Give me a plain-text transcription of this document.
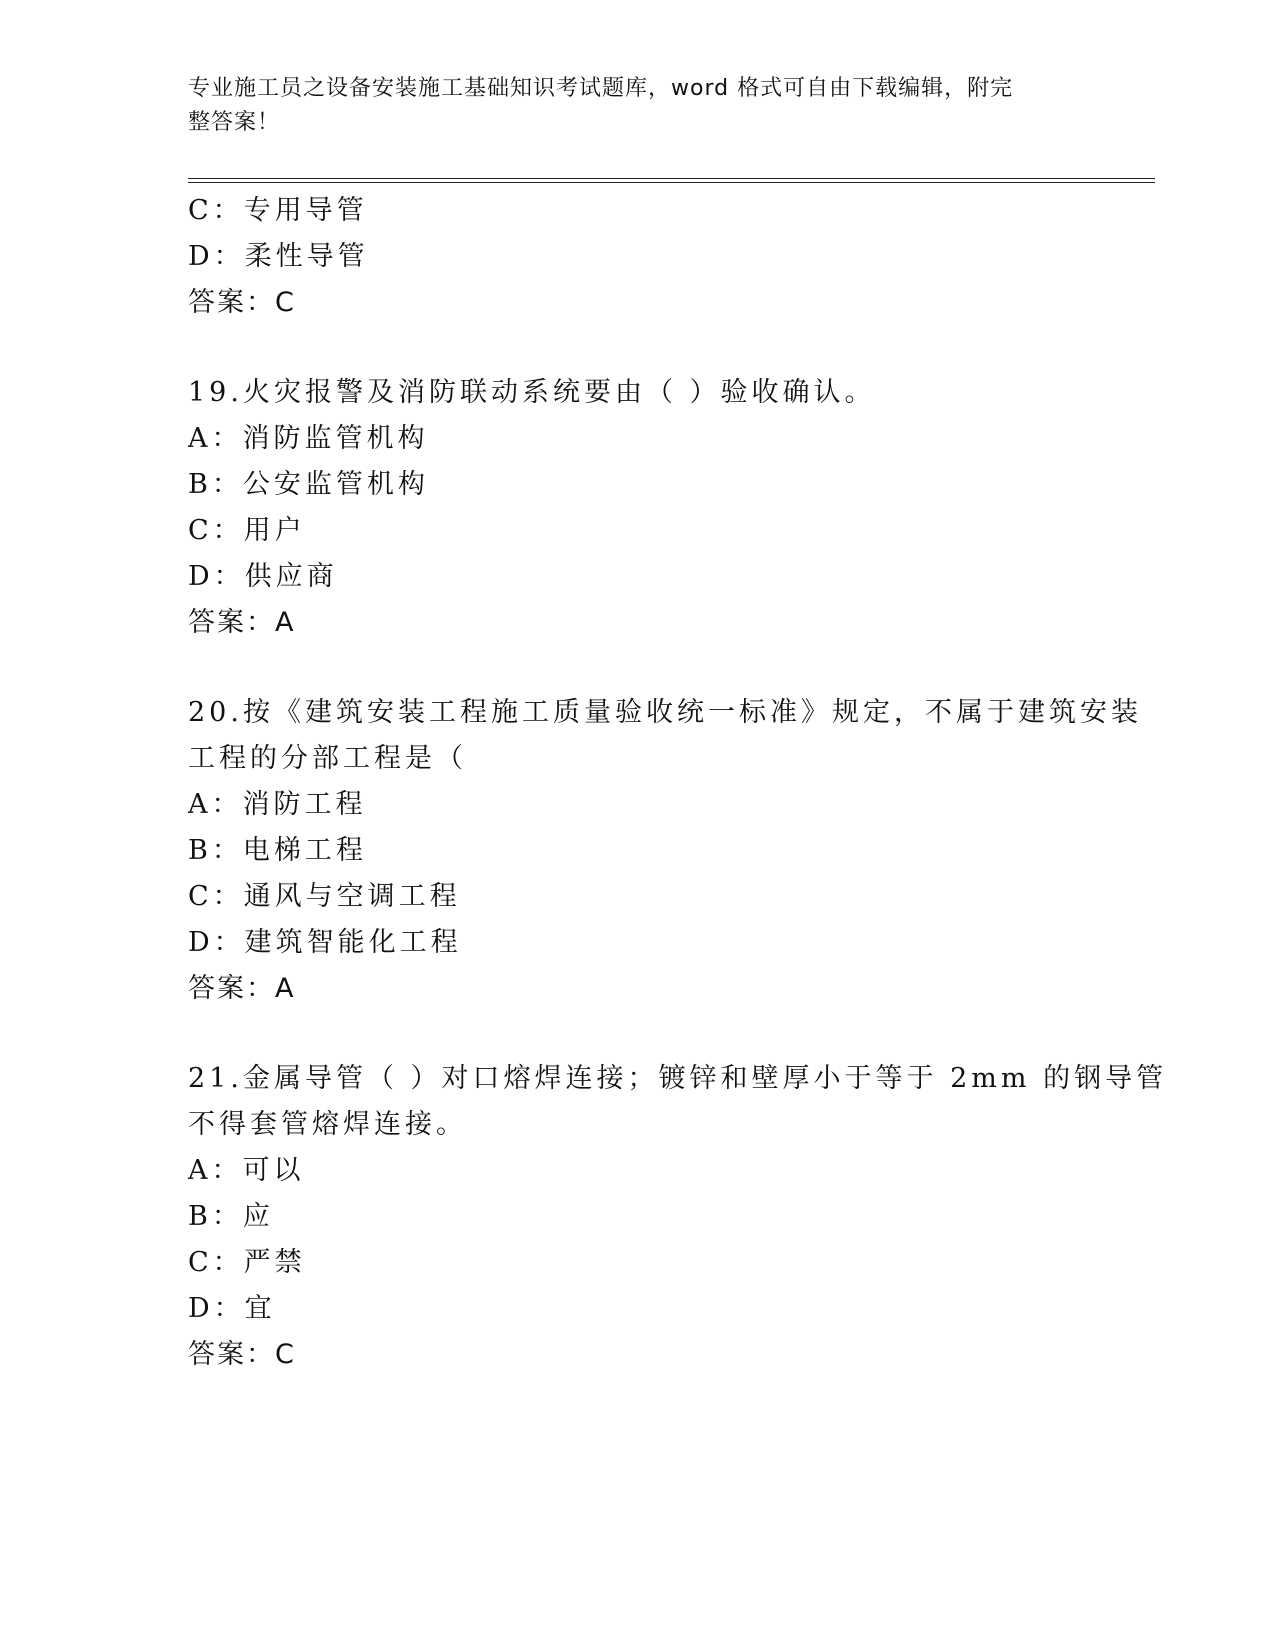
专业施工员之设备安装施工基础知识考试题库，word 格式可自由下载编辑，附完
整答案！
C：专用导管
D：柔性导管
答案：C
19.火灾报警及消防联动系统要由（ ）验收确认。
A：消防监管机构
B：公安监管机构
C：用户
D：供应商
答案：A
20.按《建筑安装工程施工质量验收统一标准》规定，不属于建筑安装
工程的分部工程是（
A：消防工程
B：电梯工程
C：通风与空调工程
D：建筑智能化工程
答案：A
21.金属导管（ ）对口熔焊连接；镀锌和壁厚小于等于 2mm 的钢导管
不得套管熔焊连接。
A：可以
B：应
C：严禁
D：宜
答案：C
